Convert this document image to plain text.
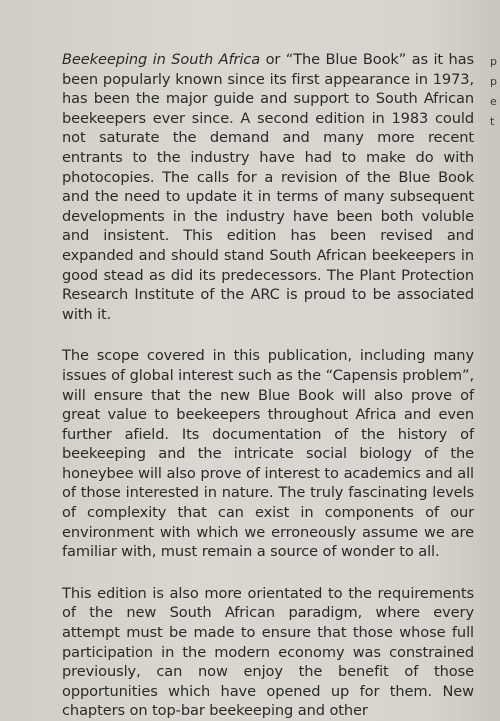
Beekeeping in South Africa or “The Blue Book” as it has been popularly known since its first appearance in 1973, has been the major guide and support to South African beekeepers ever since. A second edition in 1983 could not saturate the demand and many more recent entrants to the industry have had to make do with photocopies. The calls for a revision of the Blue Book and the need to update it in terms of many subsequent developments in the industry have been both voluble and insistent. This edition has been revised and expanded and should stand South African beekeepers in good stead as did its predecessors. The Plant Protection Research Institute of the ARC is proud to be associated with it.

The scope covered in this publication, including many issues of global interest such as the “Capensis problem”, will ensure that the new Blue Book will also prove of great value to beekeepers throughout Africa and even further afield. Its documentation of the history of beekeeping and the intricate social biology of the honeybee will also prove of interest to academics and all of those interested in nature. The truly fascinating levels of complexity that can exist in components of our environment with which we erroneously assume we are familiar with, must remain a source of wonder to all.

This edition is also more orientated to the requirements of the new South African paradigm, where every attempt must be made to ensure that those whose full participation in the modern economy was constrained previously, can now enjoy the benefit of those opportunities which have opened up for them. New chapters on top-bar beekeeping and other

p
p
e
t
